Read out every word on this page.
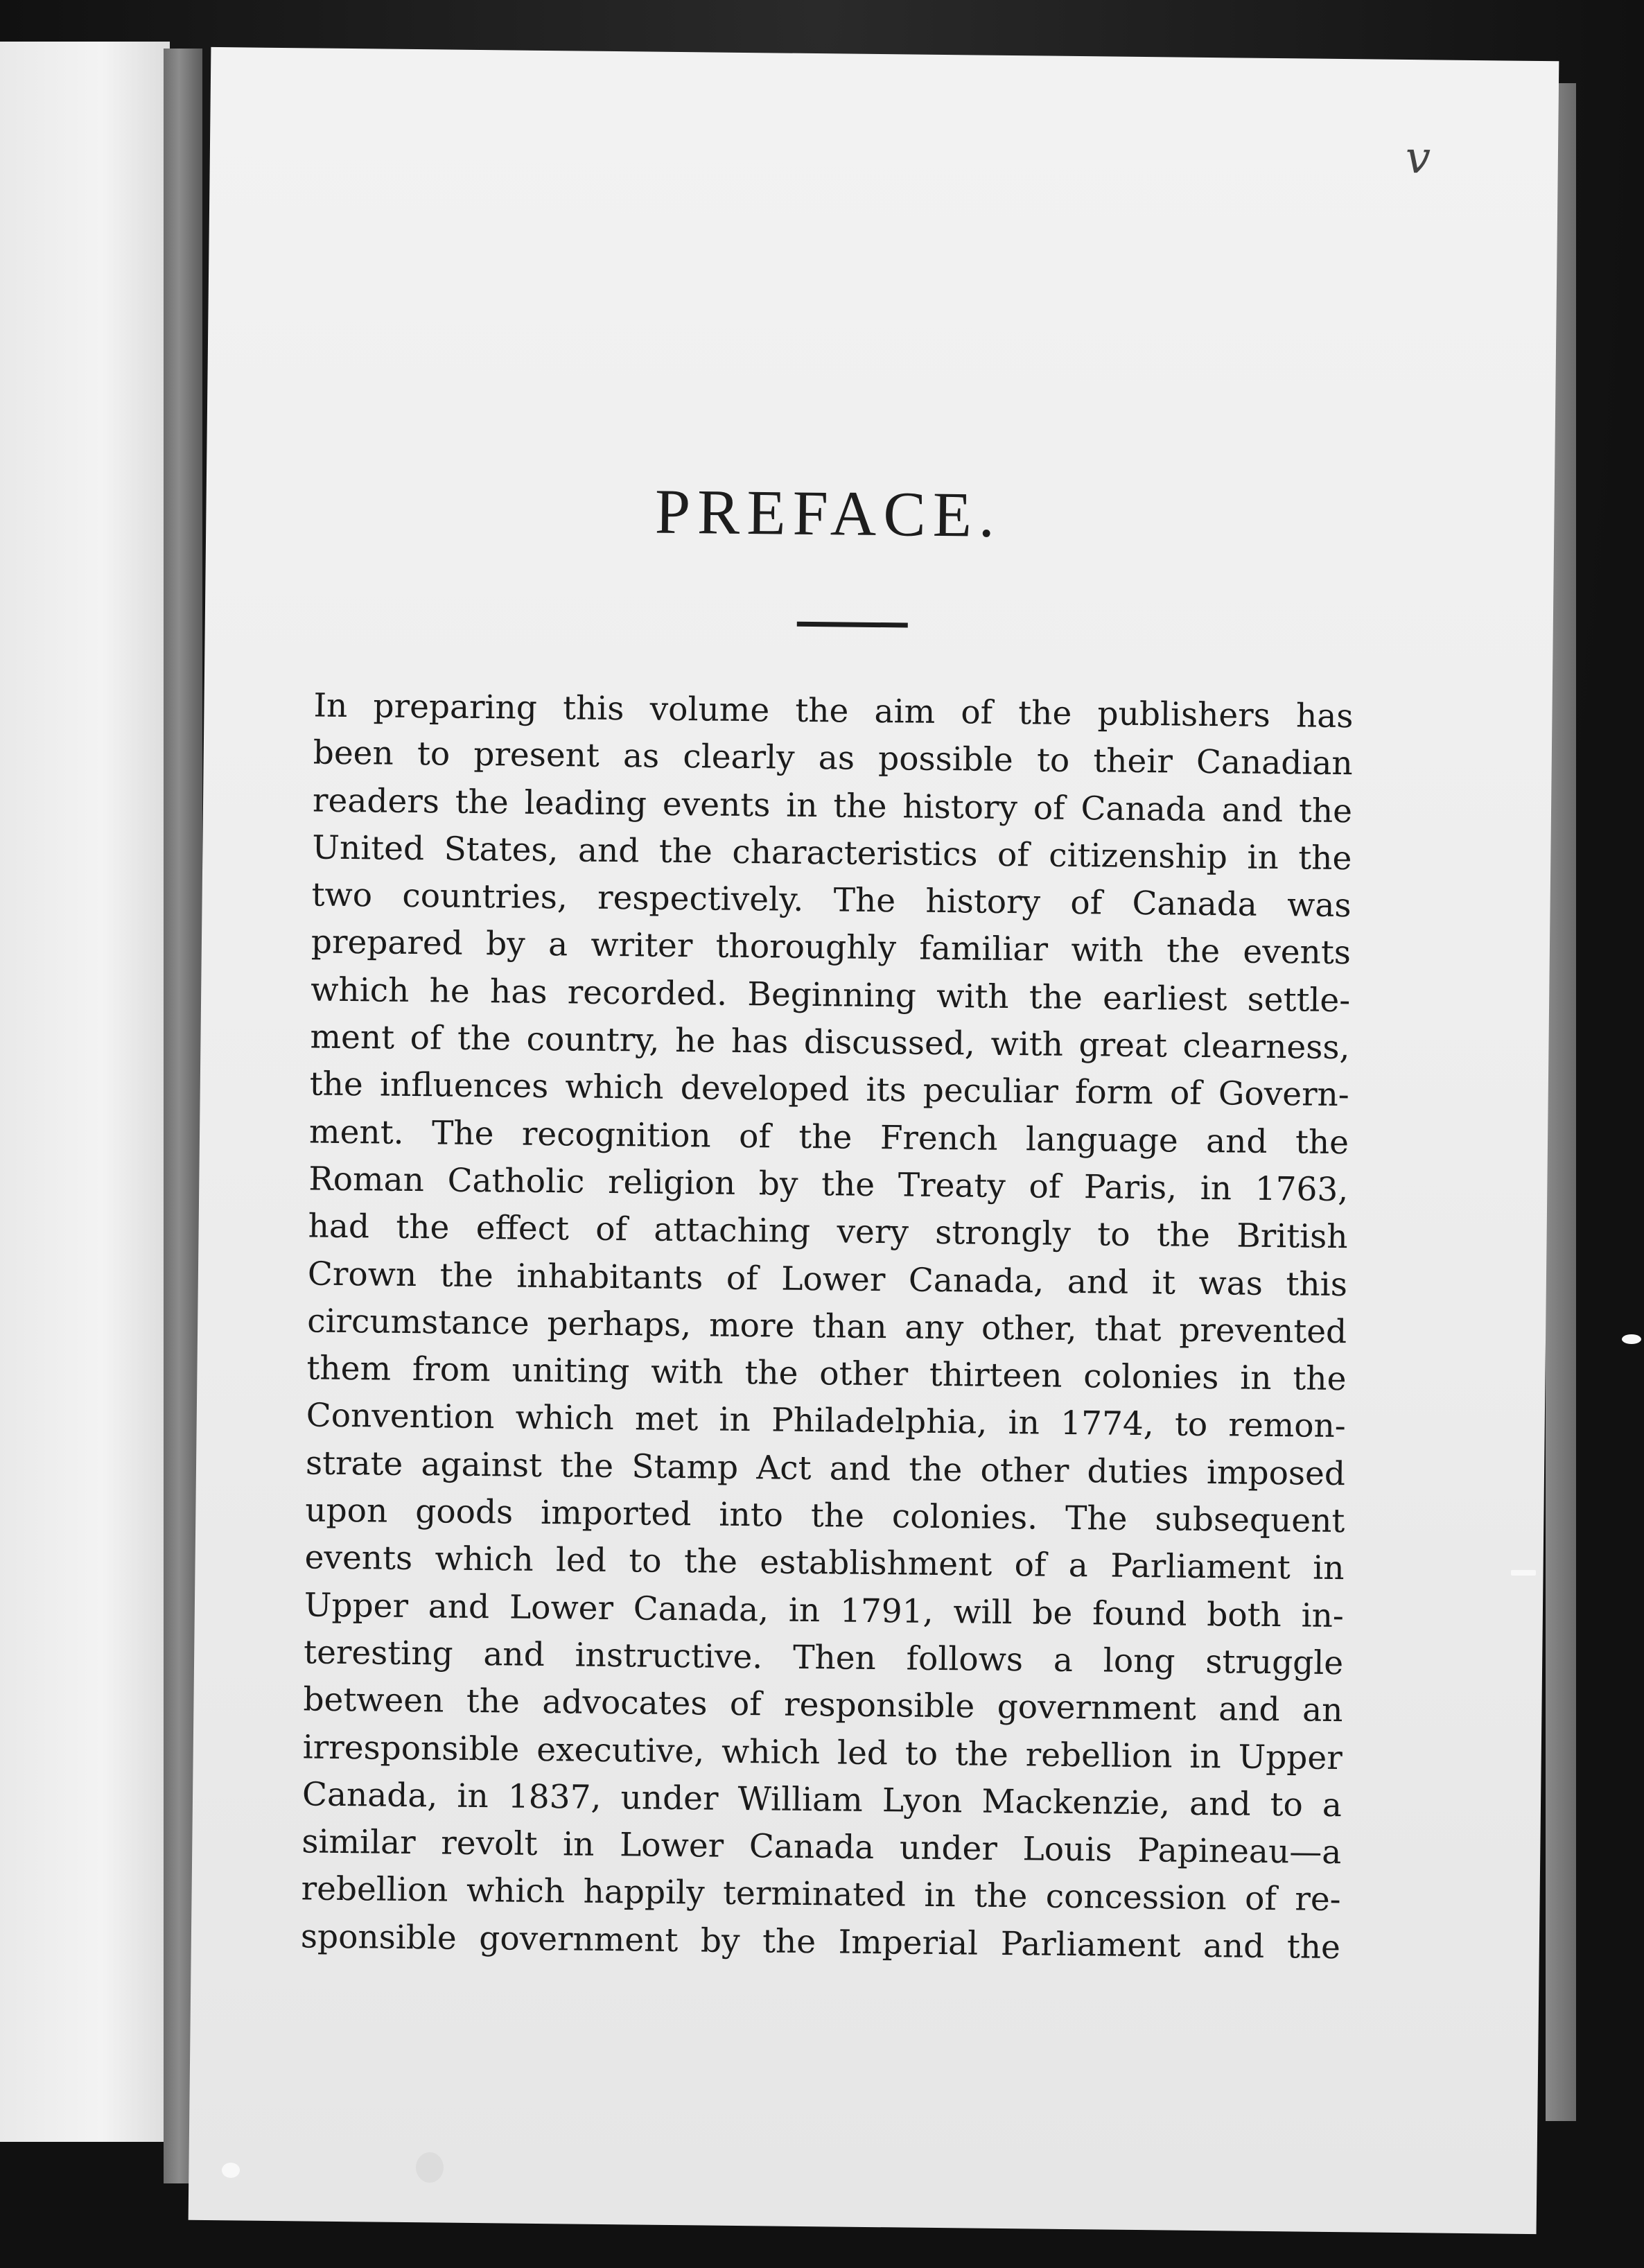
v
PREFACE.
In preparing this volume the aim of the publishers has
been to present as clearly as possible to their Canadian
readers the leading events in the history of Canada and the
United States, and the characteristics of citizenship in the
two countries, respectively. The history of Canada was
prepared by a writer thoroughly familiar with the events
which he has recorded. Beginning with the earliest settle-
ment of the country, he has discussed, with great clearness,
the influences which developed its peculiar form of Govern-
ment. The recognition of the French language and the
Roman Catholic religion by the Treaty of Paris, in 1763,
had the effect of attaching very strongly to the British
Crown the inhabitants of Lower Canada, and it was this
circumstance perhaps, more than any other, that prevented
them from uniting with the other thirteen colonies in the
Convention which met in Philadelphia, in 1774, to remon-
strate against the Stamp Act and the other duties imposed
upon goods imported into the colonies. The subsequent
events which led to the establishment of a Parliament in
Upper and Lower Canada, in 1791, will be found both in-
teresting and instructive. Then follows a long struggle
between the advocates of responsible government and an
irresponsible executive, which led to the rebellion in Upper
Canada, in 1837, under William Lyon Mackenzie, and to a
similar revolt in Lower Canada under Louis Papineau—a
rebellion which happily terminated in the concession of re-
sponsible government by the Imperial Parliament and the
